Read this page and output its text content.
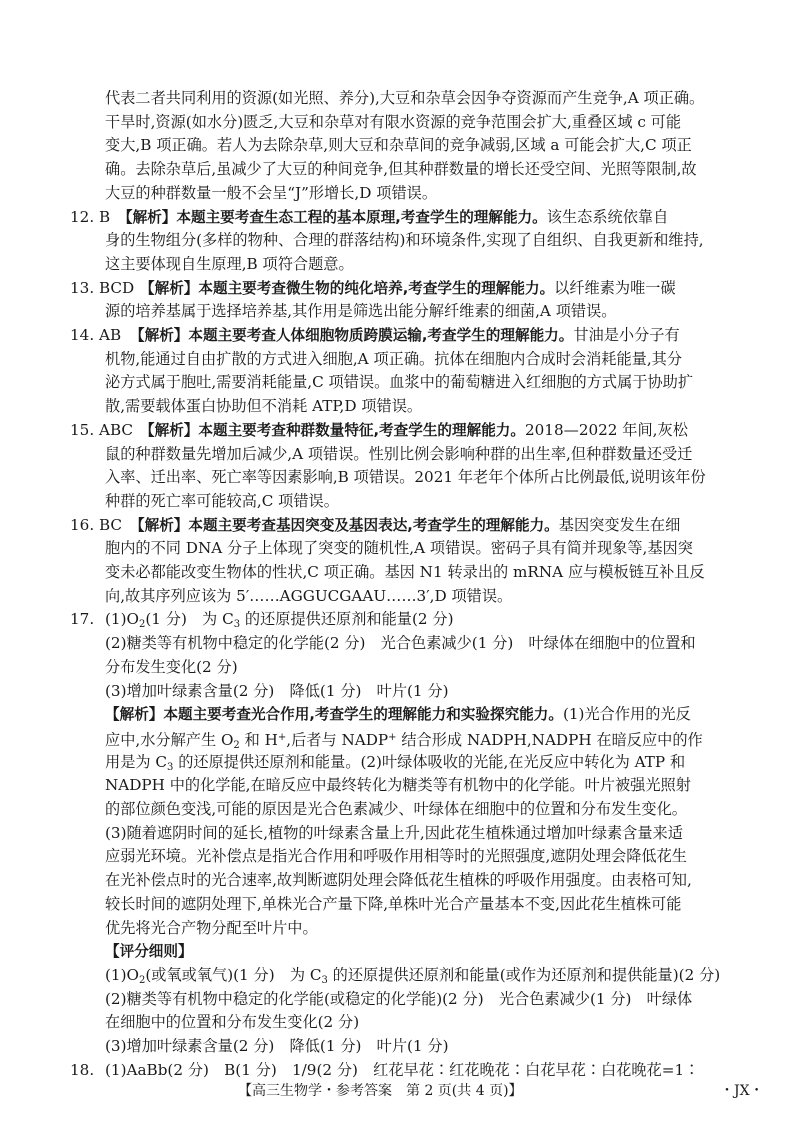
代表二者共同利用的资源(如光照、养分),大豆和杂草会因争夺资源而产生竞争,A 项正确。
干旱时,资源(如水分)匮乏,大豆和杂草对有限水资源的竞争范围会扩大,重叠区域 c 可能
变大,B 项正确。若人为去除杂草,则大豆和杂草间的竞争减弱,区域 a 可能会扩大,C 项正
确。去除杂草后,虽减少了大豆的种间竞争,但其种群数量的增长还受空间、光照等限制,故
大豆的种群数量一般不会呈“J”形增长,D 项错误。
12. B 【解析】本题主要考查生态工程的基本原理,考查学生的理解能力。该生态系统依靠自
身的生物组分(多样的物种、合理的群落结构)和环境条件,实现了自组织、自我更新和维持,
这主要体现自生原理,B 项符合题意。
13. BCD 【解析】本题主要考查微生物的纯化培养,考查学生的理解能力。以纤维素为唯一碳
源的培养基属于选择培养基,其作用是筛选出能分解纤维素的细菌,A 项错误。
14. AB 【解析】本题主要考查人体细胞物质跨膜运输,考查学生的理解能力。甘油是小分子有
机物,能通过自由扩散的方式进入细胞,A 项正确。抗体在细胞内合成时会消耗能量,其分
泌方式属于胞吐,需要消耗能量,C 项错误。血浆中的葡萄糖进入红细胞的方式属于协助扩
散,需要载体蛋白协助但不消耗 ATP,D 项错误。
15. ABC 【解析】本题主要考查种群数量特征,考查学生的理解能力。2018—2022 年间,灰松
鼠的种群数量先增加后减少,A 项错误。性别比例会影响种群的出生率,但种群数量还受迁
入率、迁出率、死亡率等因素影响,B 项错误。2021 年老年个体所占比例最低,说明该年份
种群的死亡率可能较高,C 项错误。
16. BC 【解析】本题主要考查基因突变及基因表达,考查学生的理解能力。基因突变发生在细
胞内的不同 DNA 分子上体现了突变的随机性,A 项错误。密码子具有简并现象等,基因突
变未必都能改变生物体的性状,C 项正确。基因 N1 转录出的 mRNA 应与模板链互补且反
向,故其序列应该为 5′……AGGUCGAAU……3′,D 项错误。
17. $(1)O_2(1$ 分)　为 $C_3$ 的还原提供还原剂和能量(2 分)
(2)糖类等有机物中稳定的化学能(2 分)　光合色素减少(1 分)　叶绿体在细胞中的位置和
分布发生变化(2 分)
(3)增加叶绿素含量(2 分)　降低(1 分)　叶片(1 分)
【解析】本题主要考查光合作用,考查学生的理解能力和实验探究能力。(1)光合作用的光反
应中,水分解产生 $O_2$ 和 H+,后者与 NADP+ 结合形成 NADPH,NADPH 在暗反应中的作
用是为 $C_3$ 的还原提供还原剂和能量。(2)叶绿体吸收的光能,在光反应中转化为 ATP 和
NADPH 中的化学能,在暗反应中最终转化为糖类等有机物中的化学能。叶片被强光照射
的部位颜色变浅,可能的原因是光合色素减少、叶绿体在细胞中的位置和分布发生变化。
(3)随着遮阴时间的延长,植物的叶绿素含量上升,因此花生植株通过增加叶绿素含量来适
应弱光环境。光补偿点是指光合作用和呼吸作用相等时的光照强度,遮阴处理会降低花生
在光补偿点时的光合速率,故判断遮阴处理会降低花生植株的呼吸作用强度。由表格可知,
较长时间的遮阴处理下,单株光合产量下降,单株叶光合产量基本不变,因此花生植株可能
优先将光合产物分配至叶片中。
【评分细则】
$(1)O_2$(或氧或氧气)(1 分)　为 $C_3$ 的还原提供还原剂和能量(或作为还原剂和提供能量)(2 分)
(2)糖类等有机物中稳定的化学能(或稳定的化学能)(2 分)　光合色素减少(1 分)　叶绿体
在细胞中的位置和分布发生变化(2 分)
(3)增加叶绿素含量(2 分)　降低(1 分)　叶片(1 分)
18. (1)AaBb(2 分)　B(1 分)　1/9(2 分)　红花早花∶红花晚花∶白花早花∶白花晚花=1∶
【高三生物学・参考答案　第 2 页(共 4 页)】	・JX・
